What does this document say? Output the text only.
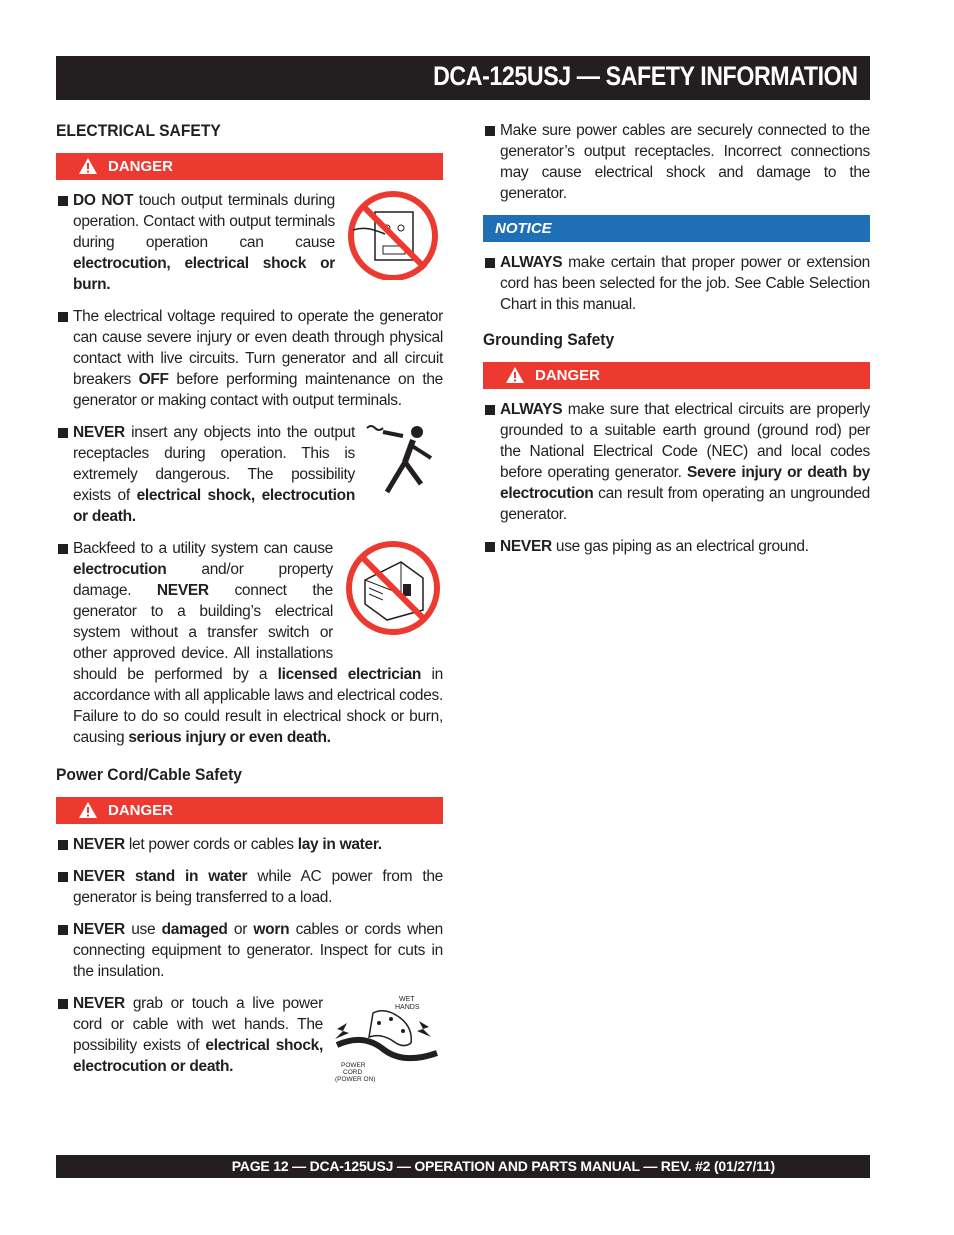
DCA-125USJ — SAFETY INFORMATION
ELECTRICAL SAFETY
DANGER

DO NOT touch output terminals during operation. Contact with output terminals during operation can cause electrocution, electrical shock or burn.

The electrical voltage required to operate the generator can cause severe injury or even death through physical contact with live circuits. Turn generator and all circuit breakers OFF before performing maintenance on the generator or making contact with output terminals.

NEVER insert any objects into the output receptacles during operation. This is extremely dangerous. The possibility exists of electrical shock, electrocution or death.

Backfeed to a utility system can cause electrocution and/or property damage. NEVER connect the generator to a building’s electrical system without a transfer switch or other approved device. All installations should be performed by a licensed electrician in accordance with all applicable laws and electrical codes. Failure to do so could result in electrical shock or burn, causing serious injury or even death.

Power Cord/Cable Safety
DANGER

NEVER let power cords or cables lay in water.

NEVER stand in water while AC power from the generator is being transferred to a load.

NEVER use damaged or worn cables or cords when connecting equipment to generator. Inspect for cuts in the insulation.

WET
HANDS
POWER
CORD
(POWER ON)

NEVER grab or touch a live power cord or cable with wet hands. The possibility exists of electrical shock, electrocution or death.

Make sure power cables are securely connected to the generator’s output receptacles. Incorrect connections may cause electrical shock and damage to the generator.

NOTICE

ALWAYS make certain that proper power or extension cord has been selected for the job. See Cable Selection Chart in this manual.

Grounding Safety
DANGER

ALWAYS make sure that electrical circuits are properly grounded to a suitable earth ground (ground rod) per the National Electrical Code (NEC) and local codes before operating generator. Severe injury or death by electrocution can result from operating an ungrounded generator.

NEVER use gas piping as an electrical ground.

PAGE 12 — DCA-125USJ — OPERATION AND PARTS MANUAL — REV. #2 (01/27/11)
